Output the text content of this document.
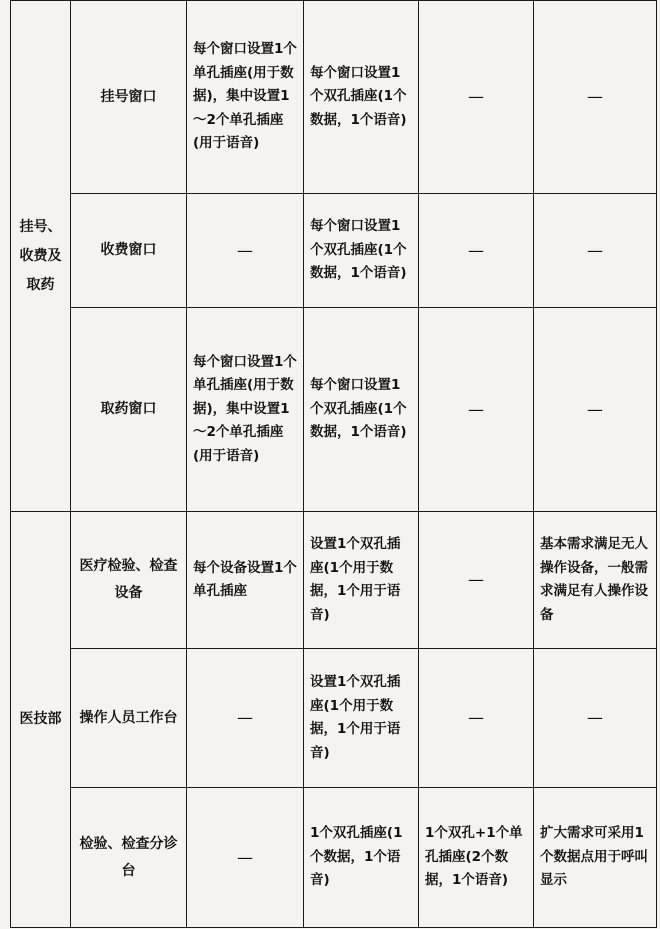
挂号、收费及取药	挂号窗口	每个窗口设置1个单孔插座(用于数据)，集中设置1～2个单孔插座(用于语音)	每个窗口设置1个双孔插座(1个数据，1个语音)	—	—
	收费窗口	—	每个窗口设置1个双孔插座(1个数据，1个语音)	—	—
	取药窗口	每个窗口设置1个单孔插座(用于数据)，集中设置1～2个单孔插座(用于语音)	每个窗口设置1个双孔插座(1个数据，1个语音)	—	—
医技部	医疗检验、检查设备	每个设备设置1个单孔插座	设置1个双孔插座(1个用于数据，1个用于语音)	—	基本需求满足无人操作设备，一般需求满足有人操作设备
	操作人员工作台	—	设置1个双孔插座(1个用于数据，1个用于语音)	—	—
	检验、检查分诊台	—	1个双孔插座(1个数据，1个语音)	1个双孔+1个单孔插座(2个数据，1个语音)	扩大需求可采用1个数据点用于呼叫显示
